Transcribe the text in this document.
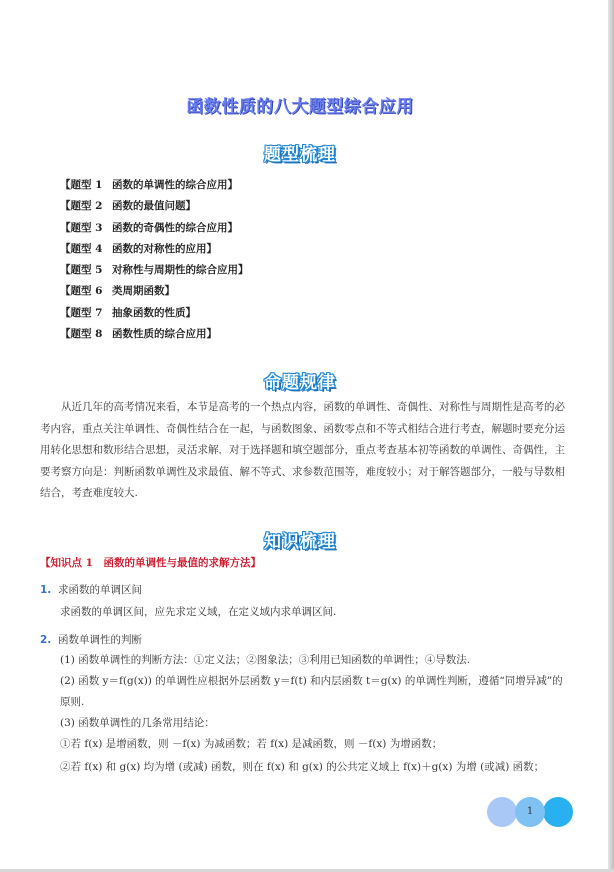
函数性质的八大题型综合应用
题型梳理
【题型 1 函数的单调性的综合应用】
【题型 2 函数的最值问题】
【题型 3 函数的奇偶性的综合应用】
【题型 4 函数的对称性的应用】
【题型 5 对称性与周期性的综合应用】
【题型 6 类周期函数】
【题型 7 抽象函数的性质】
【题型 8 函数性质的综合应用】
命题规律

从近几年的高考情况来看，本节是高考的一个热点内容，函数的单调性、奇偶性、对称性与周期性是高考的必考内容，重点关注单调性、奇偶性结合在一起，与函数图象、函数零点和不等式相结合进行考查，解题时要充分运用转化思想和数形结合思想，灵活求解．对于选择题和填空题部分，重点考查基本初等函数的单调性、奇偶性，主要考察方向是：判断函数单调性及求最值、解不等式、求参数范围等，难度较小；对于解答题部分，一般与导数相结合，考查难度较大.

知识梳理
【知识点 1　函数的单调性与最值的求解方法】
1. 求函数的单调区间
求函数的单调区间，应先求定义域，在定义域内求单调区间.
2. 函数单调性的判断
(1) 函数单调性的判断方法：①定义法；②图象法；③利用已知函数的单调性；④导数法.
(2) 函数 y＝f(g(x)) 的单调性应根据外层函数 y＝f(t) 和内层函数 t＝g(x) 的单调性判断，遵循“同增异减”的原则.
(3) 函数单调性的几条常用结论：
①若 f(x) 是增函数，则 －f(x) 为减函数；若 f(x) 是减函数，则 －f(x) 为增函数；
②若 f(x) 和 g(x) 均为增 (或减) 函数，则在 f(x) 和 g(x) 的公共定义域上 f(x)＋g(x) 为增 (或减) 函数；
1
